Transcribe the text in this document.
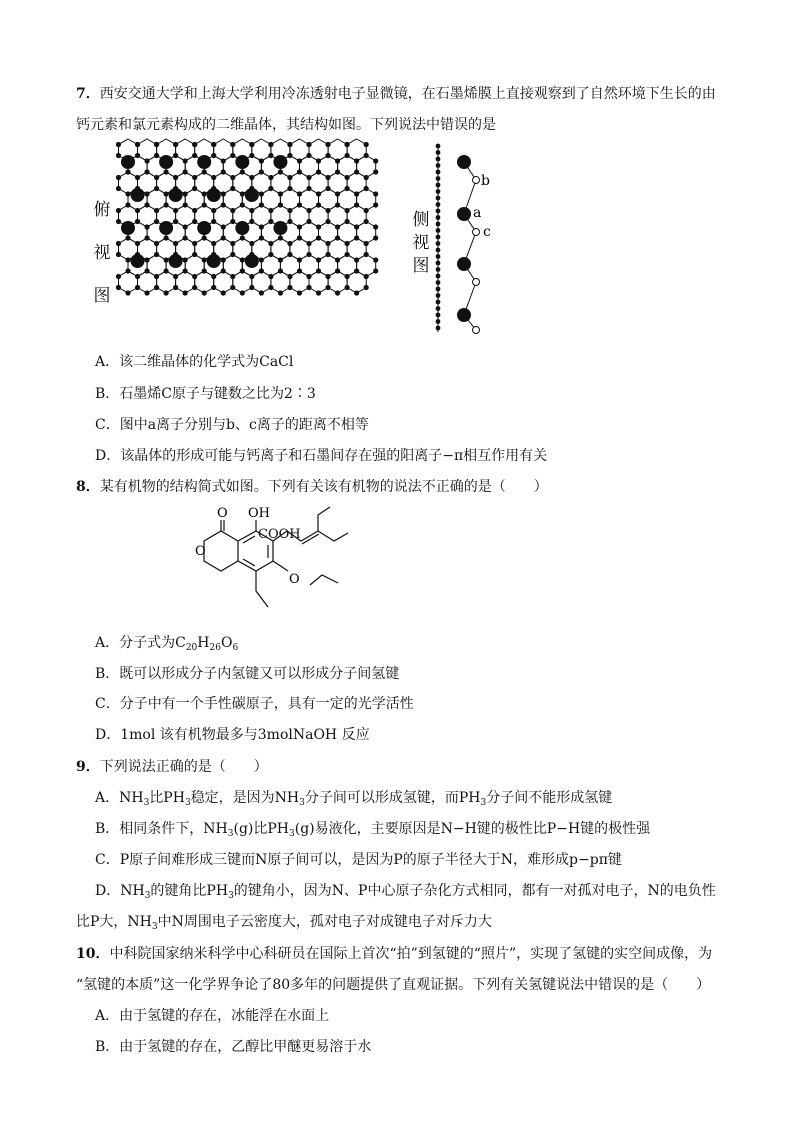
7．西安交通大学和上海大学利用冷冻透射电子显微镜，在石墨烯膜上直接观察到了自然环境下生长的由
钙元素和氯元素构成的二维晶体，其结构如图。下列说法中错误的是
俯
视
图
侧
视
图
b
a
c
A．该二维晶体的化学式为CaCl
B．石墨烯C原子与键数之比为2∶3
C．图中a离子分别与b、c离子的距离不相等
D．该晶体的形成可能与钙离子和石墨间存在强的阳离子−π相互作用有关
8．某有机物的结构简式如图。下列有关该有机物的说法不正确的是（　　）
OH
O
O
O
COOH
A．分子式为$C_{20}H_{26}O_6$
B．既可以形成分子内氢键又可以形成分子间氢键
C．分子中有一个手性碳原子，具有一定的光学活性
D．1mol 该有机物最多与3molNaOH 反应
9．下列说法正确的是（　　）
A．$NH_3$比$PH_3$稳定，是因为$NH_3$分子间可以形成氢键，而$PH_3$分子间不能形成氢键
B．相同条件下，$NH_3(g)$比$PH_3(g)$易液化，主要原因是N−H键的极性比P−H键的极性强
C．P原子间难形成三键而N原子间可以，是因为P的原子半径大于N，难形成p−pπ键
D．$NH_3$的键角比$PH_3$的键角小，因为N、P中心原子杂化方式相同，都有一对孤对电子，N的电负性
比P大，$NH_3$中N周围电子云密度大，孤对电子对成键电子对斥力大
10．中科院国家纳米科学中心科研员在国际上首次“拍”到氢键的“照片”，实现了氢键的实空间成像，为
“氢键的本质”这一化学界争论了80多年的问题提供了直观证据。下列有关氢键说法中错误的是（　　）
A．由于氢键的存在，冰能浮在水面上
B．由于氢键的存在，乙醇比甲醚更易溶于水
